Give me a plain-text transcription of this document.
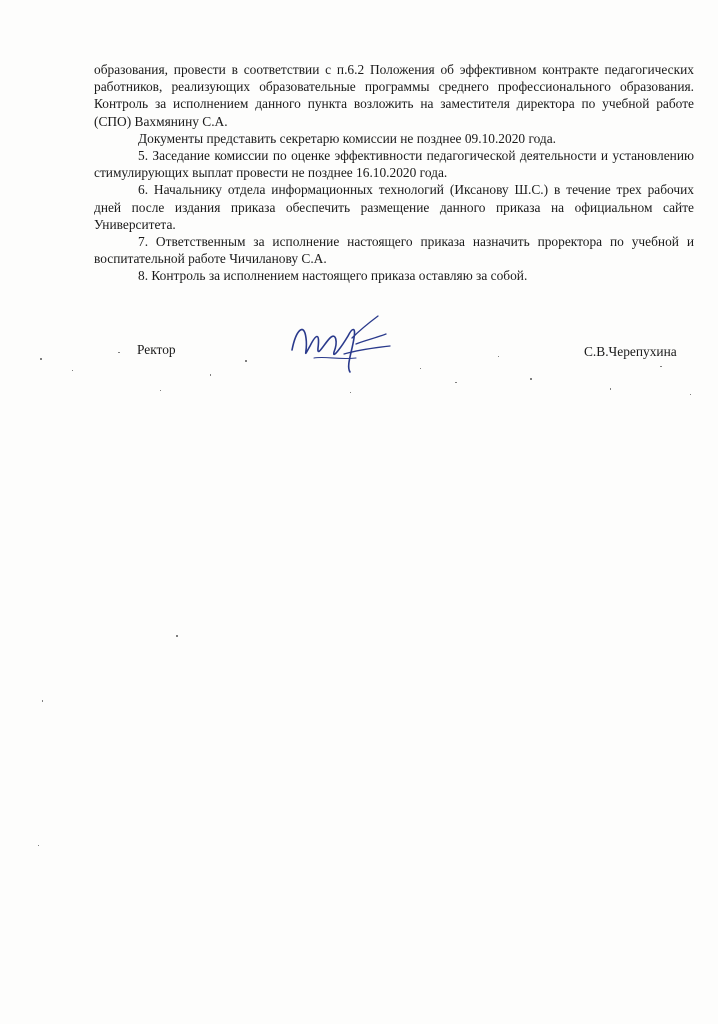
образования, провести в соответствии с п.6.2 Положения об эффективном контракте педагогических работников, реализующих образовательные программы среднего профессионального образования. Контроль за исполнением данного пункта возложить на заместителя директора по учебной работе (СПО) Вахмянину С.А.

Документы представить секретарю комиссии не позднее 09.10.2020 года.

5. Заседание комиссии по оценке эффективности педагогической деятельности и установлению стимулирующих выплат провести не позднее 16.10.2020 года.

6. Начальнику отдела информационных технологий (Иксанову Ш.С.) в течение трех рабочих дней после издания приказа обеспечить размещение данного приказа на официальном сайте Университета.

7. Ответственным за исполнение настоящего приказа назначить проректора по учебной и воспитательной работе Чичиланову С.А.

8. Контроль за исполнением настоящего приказа оставляю за собой.

Ректор	С.В.Черепухина
